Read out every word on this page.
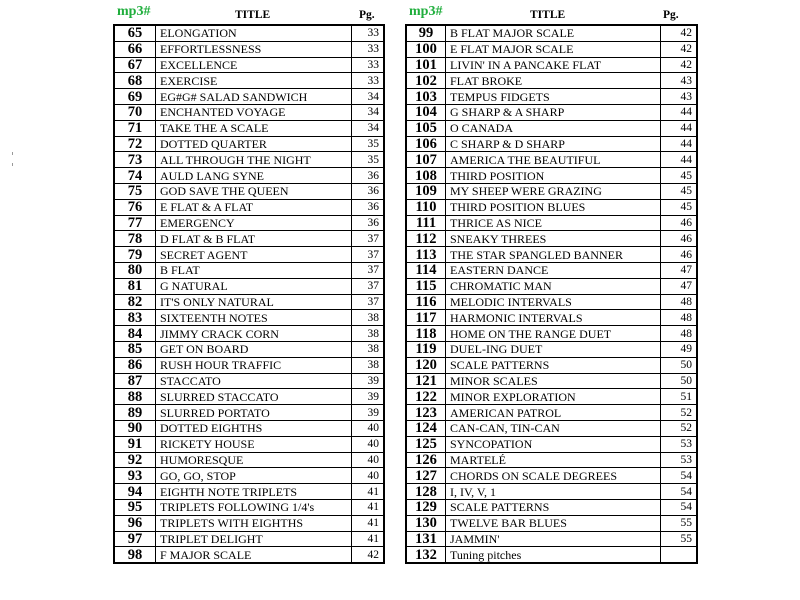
mp3#	TITLE	Pg.
65	ELONGATION	33
66	EFFORTLESSNESS	33
67	EXCELLENCE	33
68	EXERCISE	33
69	EG#G# SALAD SANDWICH	34
70	ENCHANTED VOYAGE	34
71	TAKE THE A SCALE	34
72	DOTTED QUARTER	35
73	ALL THROUGH THE NIGHT	35
74	AULD LANG SYNE	36
75	GOD SAVE THE QUEEN	36
76	E FLAT & A FLAT	36
77	EMERGENCY	36
78	D FLAT & B FLAT	37
79	SECRET AGENT	37
80	B FLAT	37
81	G NATURAL	37
82	IT'S ONLY NATURAL	37
83	SIXTEENTH NOTES	38
84	JIMMY CRACK CORN	38
85	GET ON BOARD	38
86	RUSH HOUR TRAFFIC	38
87	STACCATO	39
88	SLURRED STACCATO	39
89	SLURRED PORTATO	39
90	DOTTED EIGHTHS	40
91	RICKETY HOUSE	40
92	HUMORESQUE	40
93	GO, GO, STOP	40
94	EIGHTH NOTE TRIPLETS	41
95	TRIPLETS FOLLOWING 1/4's	41
96	TRIPLETS WITH EIGHTHS	41
97	TRIPLET DELIGHT	41
98	F MAJOR SCALE	42
mp3#	TITLE	Pg.
99	B FLAT MAJOR SCALE	42
100	E FLAT MAJOR SCALE	42
101	LIVIN' IN A PANCAKE FLAT	42
102	FLAT BROKE	43
103	TEMPUS FIDGETS	43
104	G SHARP & A SHARP	44
105	O CANADA	44
106	C SHARP & D SHARP	44
107	AMERICA THE BEAUTIFUL	44
108	THIRD POSITION	45
109	MY SHEEP WERE GRAZING	45
110	THIRD POSITION BLUES	45
111	THRICE AS NICE	46
112	SNEAKY THREES	46
113	THE STAR SPANGLED BANNER	46
114	EASTERN DANCE	47
115	CHROMATIC MAN	47
116	MELODIC INTERVALS	48
117	HARMONIC INTERVALS	48
118	HOME ON THE RANGE DUET	48
119	DUEL-ING DUET	49
120	SCALE PATTERNS	50
121	MINOR SCALES	50
122	MINOR EXPLORATION	51
123	AMERICAN PATROL	52
124	CAN-CAN, TIN-CAN	52
125	SYNCOPATION	53
126	MARTELÉ	53
127	CHORDS ON SCALE DEGREES	54
128	I, IV, V, 1	54
129	SCALE PATTERNS	54
130	TWELVE BAR BLUES	55
131	JAMMIN'	55
132	Tuning pitches	
